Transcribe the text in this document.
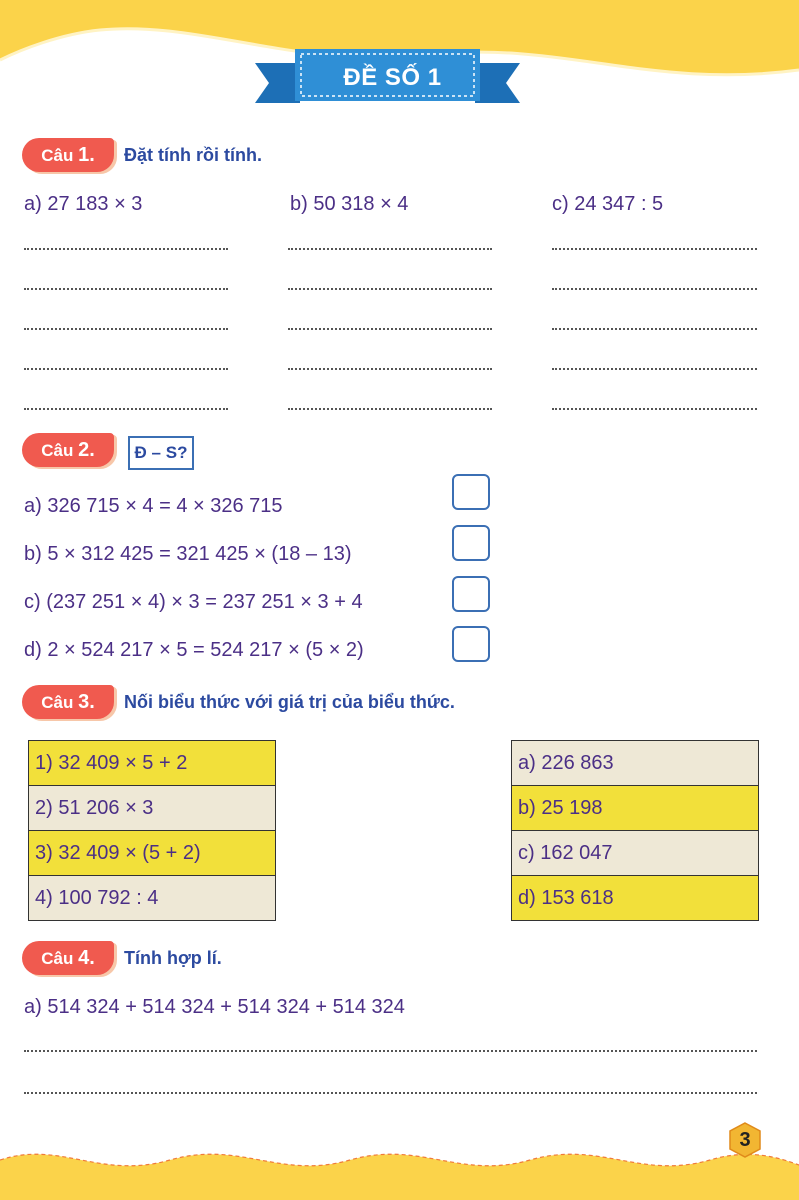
ĐỀ SỐ 1
Câu 1.	Đặt tính rồi tính.
a) 27 183 × 3	b) 50 318 × 4	c) 24 347 : 5
Câu 2.	Đ – S?
a) 326 715 × 4 = 4 × 326 715
b) 5 × 312 425 = 321 425 × (18 – 13)
c) (237 251 × 4) × 3 = 237 251 × 3 + 4
d) 2 × 524 217 × 5 = 524 217 × (5 × 2)
Câu 3.	Nối biểu thức với giá trị của biểu thức.
1) 32 409 × 5 + 2
2) 51 206 × 3
3) 32 409 × (5 + 2)
4) 100 792 : 4
a) 226 863
b) 25 198
c) 162 047
d) 153 618
Câu 4.	Tính hợp lí.
a) 514 324 + 514 324 + 514 324 + 514 324
3
